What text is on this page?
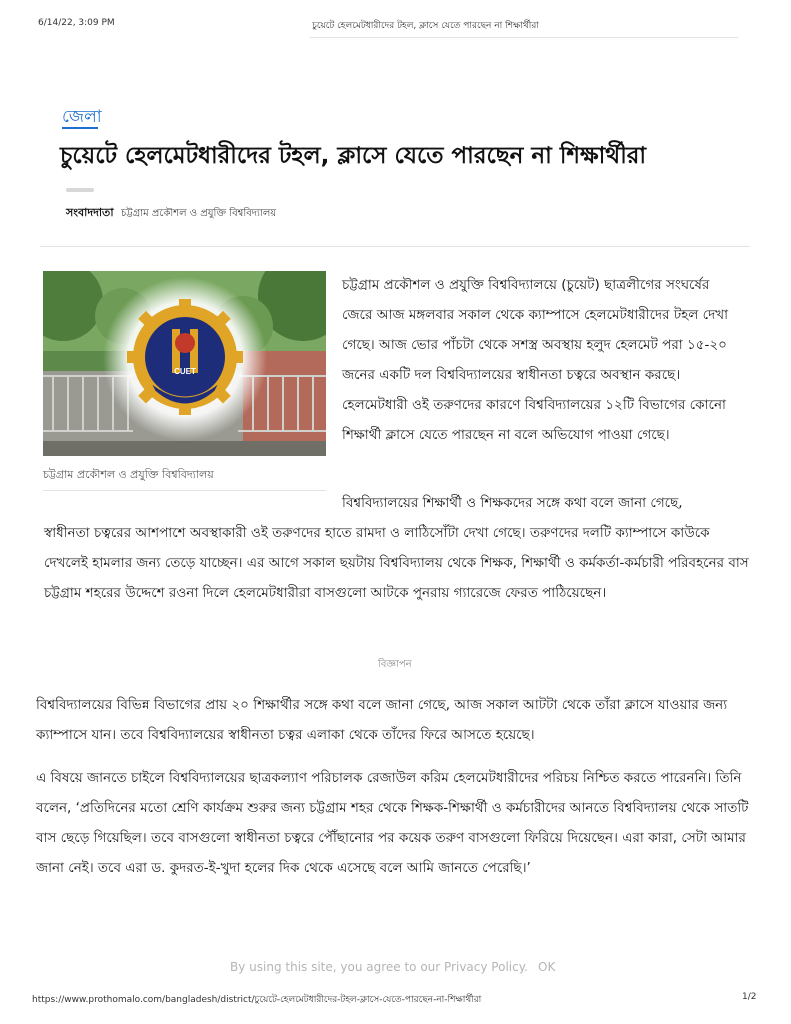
6/14/22, 3:09 PM	চুয়েটে হেলমেটধারীদের টহল, ক্লাসে যেতে পারছেন না শিক্ষার্থীরা
জেলা
চুয়েটে হেলমেটধারীদের টহল, ক্লাসে যেতে পারছেন না শিক্ষার্থীরা
সংবাদদাতা চট্টগ্রাম প্রকৌশল ও প্রযুক্তি বিশ্ববিদ্যালয়
CUET
চট্টগ্রাম প্রকৌশল ও প্রযুক্তি বিশ্ববিদ্যালয়
চট্টগ্রাম প্রকৌশল ও প্রযুক্তি বিশ্ববিদ্যালয়ে (চুয়েট) ছাত্রলীগের সংঘর্ষের জেরে আজ মঙ্গলবার সকাল থেকে ক্যাম্পাসে হেলমেটধারীদের টহল দেখা গেছে। আজ ভোর পাঁচটা থেকে সশস্ত্র অবস্থায় হলুদ হেলমেট পরা ১৫-২০ জনের একটি দল বিশ্ববিদ্যালয়ের স্বাধীনতা চত্বরে অবস্থান করছে। হেলমেটধারী ওই তরুণদের কারণে বিশ্ববিদ্যালয়ের ১২টি বিভাগের কোনো শিক্ষার্থী ক্লাসে যেতে পারছেন না বলে অভিযোগ পাওয়া গেছে।
বিশ্ববিদ্যালয়ের শিক্ষার্থী ও শিক্ষকদের সঙ্গে কথা বলে জানা গেছে,
স্বাধীনতা চত্বরের আশপাশে অবস্থাকারী ওই তরুণদের হাতে রামদা ও লাঠিসোঁটা দেখা গেছে। তরুণদের দলটি ক্যাম্পাসে কাউকে দেখলেই হামলার জন্য তেড়ে যাচ্ছেন। এর আগে সকাল ছয়টায় বিশ্ববিদ্যালয় থেকে শিক্ষক, শিক্ষার্থী ও কর্মকর্তা-কর্মচারী পরিবহনের বাস চট্টগ্রাম শহরের উদ্দেশে রওনা দিলে হেলমেটধারীরা বাসগুলো আটকে পুনরায় গ্যারেজে ফেরত পাঠিয়েছেন।
বিজ্ঞাপন
বিশ্ববিদ্যালয়ের বিভিন্ন বিভাগের প্রায় ২০ শিক্ষার্থীর সঙ্গে কথা বলে জানা গেছে, আজ সকাল আটটা থেকে তাঁরা ক্লাসে যাওয়ার জন্য ক্যাম্পাসে যান। তবে বিশ্ববিদ্যালয়ের স্বাধীনতা চত্বর এলাকা থেকে তাঁদের ফিরে আসতে হয়েছে।
এ বিষয়ে জানতে চাইলে বিশ্ববিদ্যালয়ের ছাত্রকল্যাণ পরিচালক রেজাউল করিম হেলমেটধারীদের পরিচয় নিশ্চিত করতে পারেননি। তিনি বলেন, ‘প্রতিদিনের মতো শ্রেণি কার্যক্রম শুরুর জন্য চট্টগ্রাম শহর থেকে শিক্ষক-শিক্ষার্থী ও কর্মচারীদের আনতে বিশ্ববিদ্যালয় থেকে সাতটি বাস ছেড়ে গিয়েছিল। তবে বাসগুলো স্বাধীনতা চত্বরে পৌঁছানোর পর কয়েক তরুণ বাসগুলো ফিরিয়ে দিয়েছেন। এরা কারা, সেটা আমার জানা নেই। তবে এরা ড. কুদরত-ই-খুদা হলের দিক থেকে এসেছে বলে আমি জানতে পেরেছি।’
By using this site, you agree to our Privacy Policy. OK
https://www.prothomalo.com/bangladesh/district/চুয়েটে-হেলমেটধারীদের-টহল-ক্লাসে-যেতে-পারছেন-না-শিক্ষার্থীরা	1/2
